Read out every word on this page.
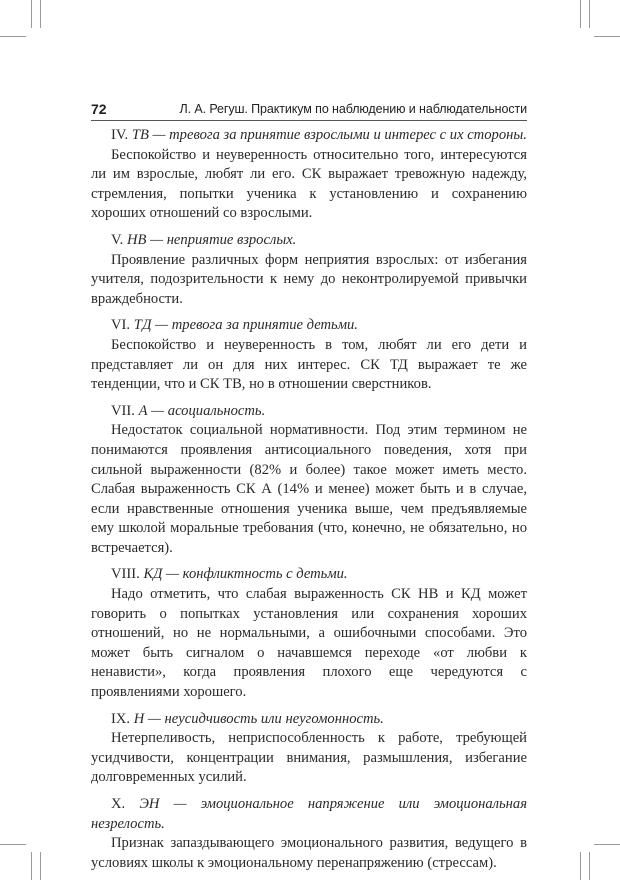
72	Л. А. Регуш. Практикум по наблюдению и наблюдательности

IV. ТВ — тревога за принятие взрослыми и интерес с их стороны.

Беспокойство и неуверенность относительно того, интересуются ли им взрослые, любят ли его. СК выражает тревожную надежду, стремления, попытки ученика к установлению и сохранению хороших отношений со взрослыми.

V. НВ — неприятие взрослых.

Проявление различных форм неприятия взрослых: от избегания учителя, подозрительности к нему до неконтролируемой привычки враждебности.

VI. ТД — тревога за принятие детьми.

Беспокойство и неуверенность в том, любят ли его дети и представляет ли он для них интерес. СК ТД выражает те же тенденции, что и СК ТВ, но в отношении сверстников.

VII. А — асоциальность.

Недостаток социальной нормативности. Под этим термином не понимаются проявления антисоциального поведения, хотя при сильной выраженности (82% и более) такое может иметь место. Слабая выраженность СК А (14% и менее) может быть и в случае, если нравственные отношения ученика выше, чем предъявляемые ему школой моральные требования (что, конечно, не обязательно, но встречается).

VIII. КД — конфликтность с детьми.

Надо отметить, что слабая выраженность СК НВ и КД может говорить о попытках установления или сохранения хороших отношений, но не нормальными, а ошибочными способами. Это может быть сигналом о начавшемся переходе «от любви к ненависти», когда проявления плохого еще чередуются с проявлениями хорошего.

IX. Н — неусидчивость или неугомонность.

Нетерпеливость, неприспособленность к работе, требующей усидчивости, концентрации внимания, размышления, избегание долговременных усилий.

X. ЭН — эмоциональное напряжение или эмоциональная незрелость.

Признак запаздывающего эмоционального развития, ведущего в условиях школы к эмоциональному перенапряжению (стрессам).
